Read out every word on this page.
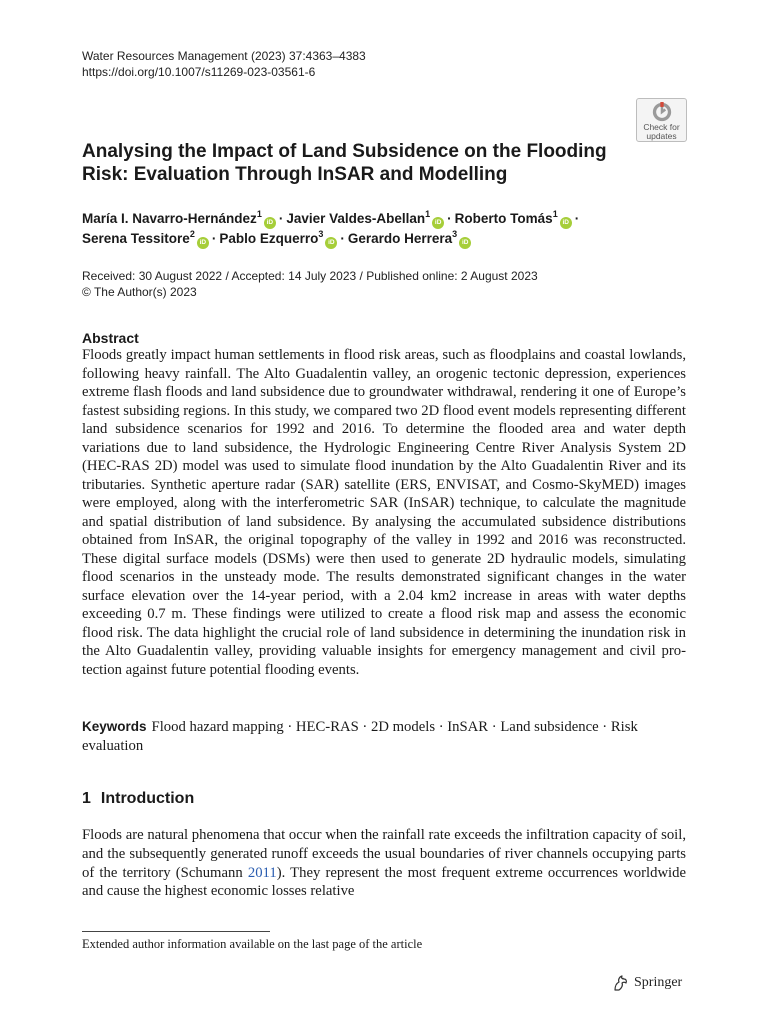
Water Resources Management (2023) 37:4363–4383
https://doi.org/10.1007/s11269-023-03561-6
Check for
updates
Analysing the Impact of Land Subsidence on the Flooding Risk: Evaluation Through InSAR and Modelling
María I. Navarro-Hernández$^1$iD · Javier Valdes-Abellan$^1$iD · Roberto Tomás$^1$iD ·
Serena Tessitore$^2$iD · Pablo Ezquerro$^3$iD · Gerardo Herrera$^3$iD
Received: 30 August 2022 / Accepted: 14 July 2023 / Published online: 2 August 2023
© The Author(s) 2023
Abstract

Floods greatly impact human settlements in flood risk areas, such as floodplains and coastal lowlands, following heavy rainfall. The Alto Guadalentin valley, an orogenic tectonic depression, experiences extreme flash floods and land subsidence due to groundwater withdrawal, rendering it one of Europe’s fastest subsiding regions. In this study, we compared two 2D flood event models representing different land subsidence scenarios for 1992 and 2016. To determine the flooded area and water depth variations due to land subsidence, the Hydrologic Engineering Centre River Analysis System 2D (HEC-RAS 2D) model was used to simulate flood inundation by the Alto Guadalentin River and its tributaries. Synthetic aperture radar (SAR) satellite (ERS, ENVISAT, and Cosmo-SkyMED) images were employed, along with the interferometric SAR (InSAR) technique, to calculate the magnitude and spatial distribution of land subsidence. By analysing the accumulated subsidence distributions obtained from InSAR, the original topography of the valley in 1992 and 2016 was reconstructed. These digital surface models (DSMs) were then used to generate 2D hydraulic models, simulating flood scenarios in the unsteady mode. The results demonstrated significant changes in the water surface elevation over the 14-year period, with a 2.04 km2 increase in areas with water depths exceeding 0.7 m. These findings were utilized to create a flood risk map and assess the economic flood risk. The data highlight the crucial role of land subsidence in determining the inundation risk in the Alto Guadalentin valley, providing valuable insights for emergency management and civil protection against future potential flooding events.

Keywords Flood hazard mapping · HEC-RAS · 2D models · InSAR · Land subsidence · Risk evaluation
1 Introduction

Floods are natural phenomena that occur when the rainfall rate exceeds the infiltration capacity of soil, and the subsequently generated runoff exceeds the usual boundaries of river channels occupying parts of the territory (Schumann 2011). They represent the most frequent extreme occurrences worldwide and cause the highest economic losses relative

Extended author information available on the last page of the article
Springer
